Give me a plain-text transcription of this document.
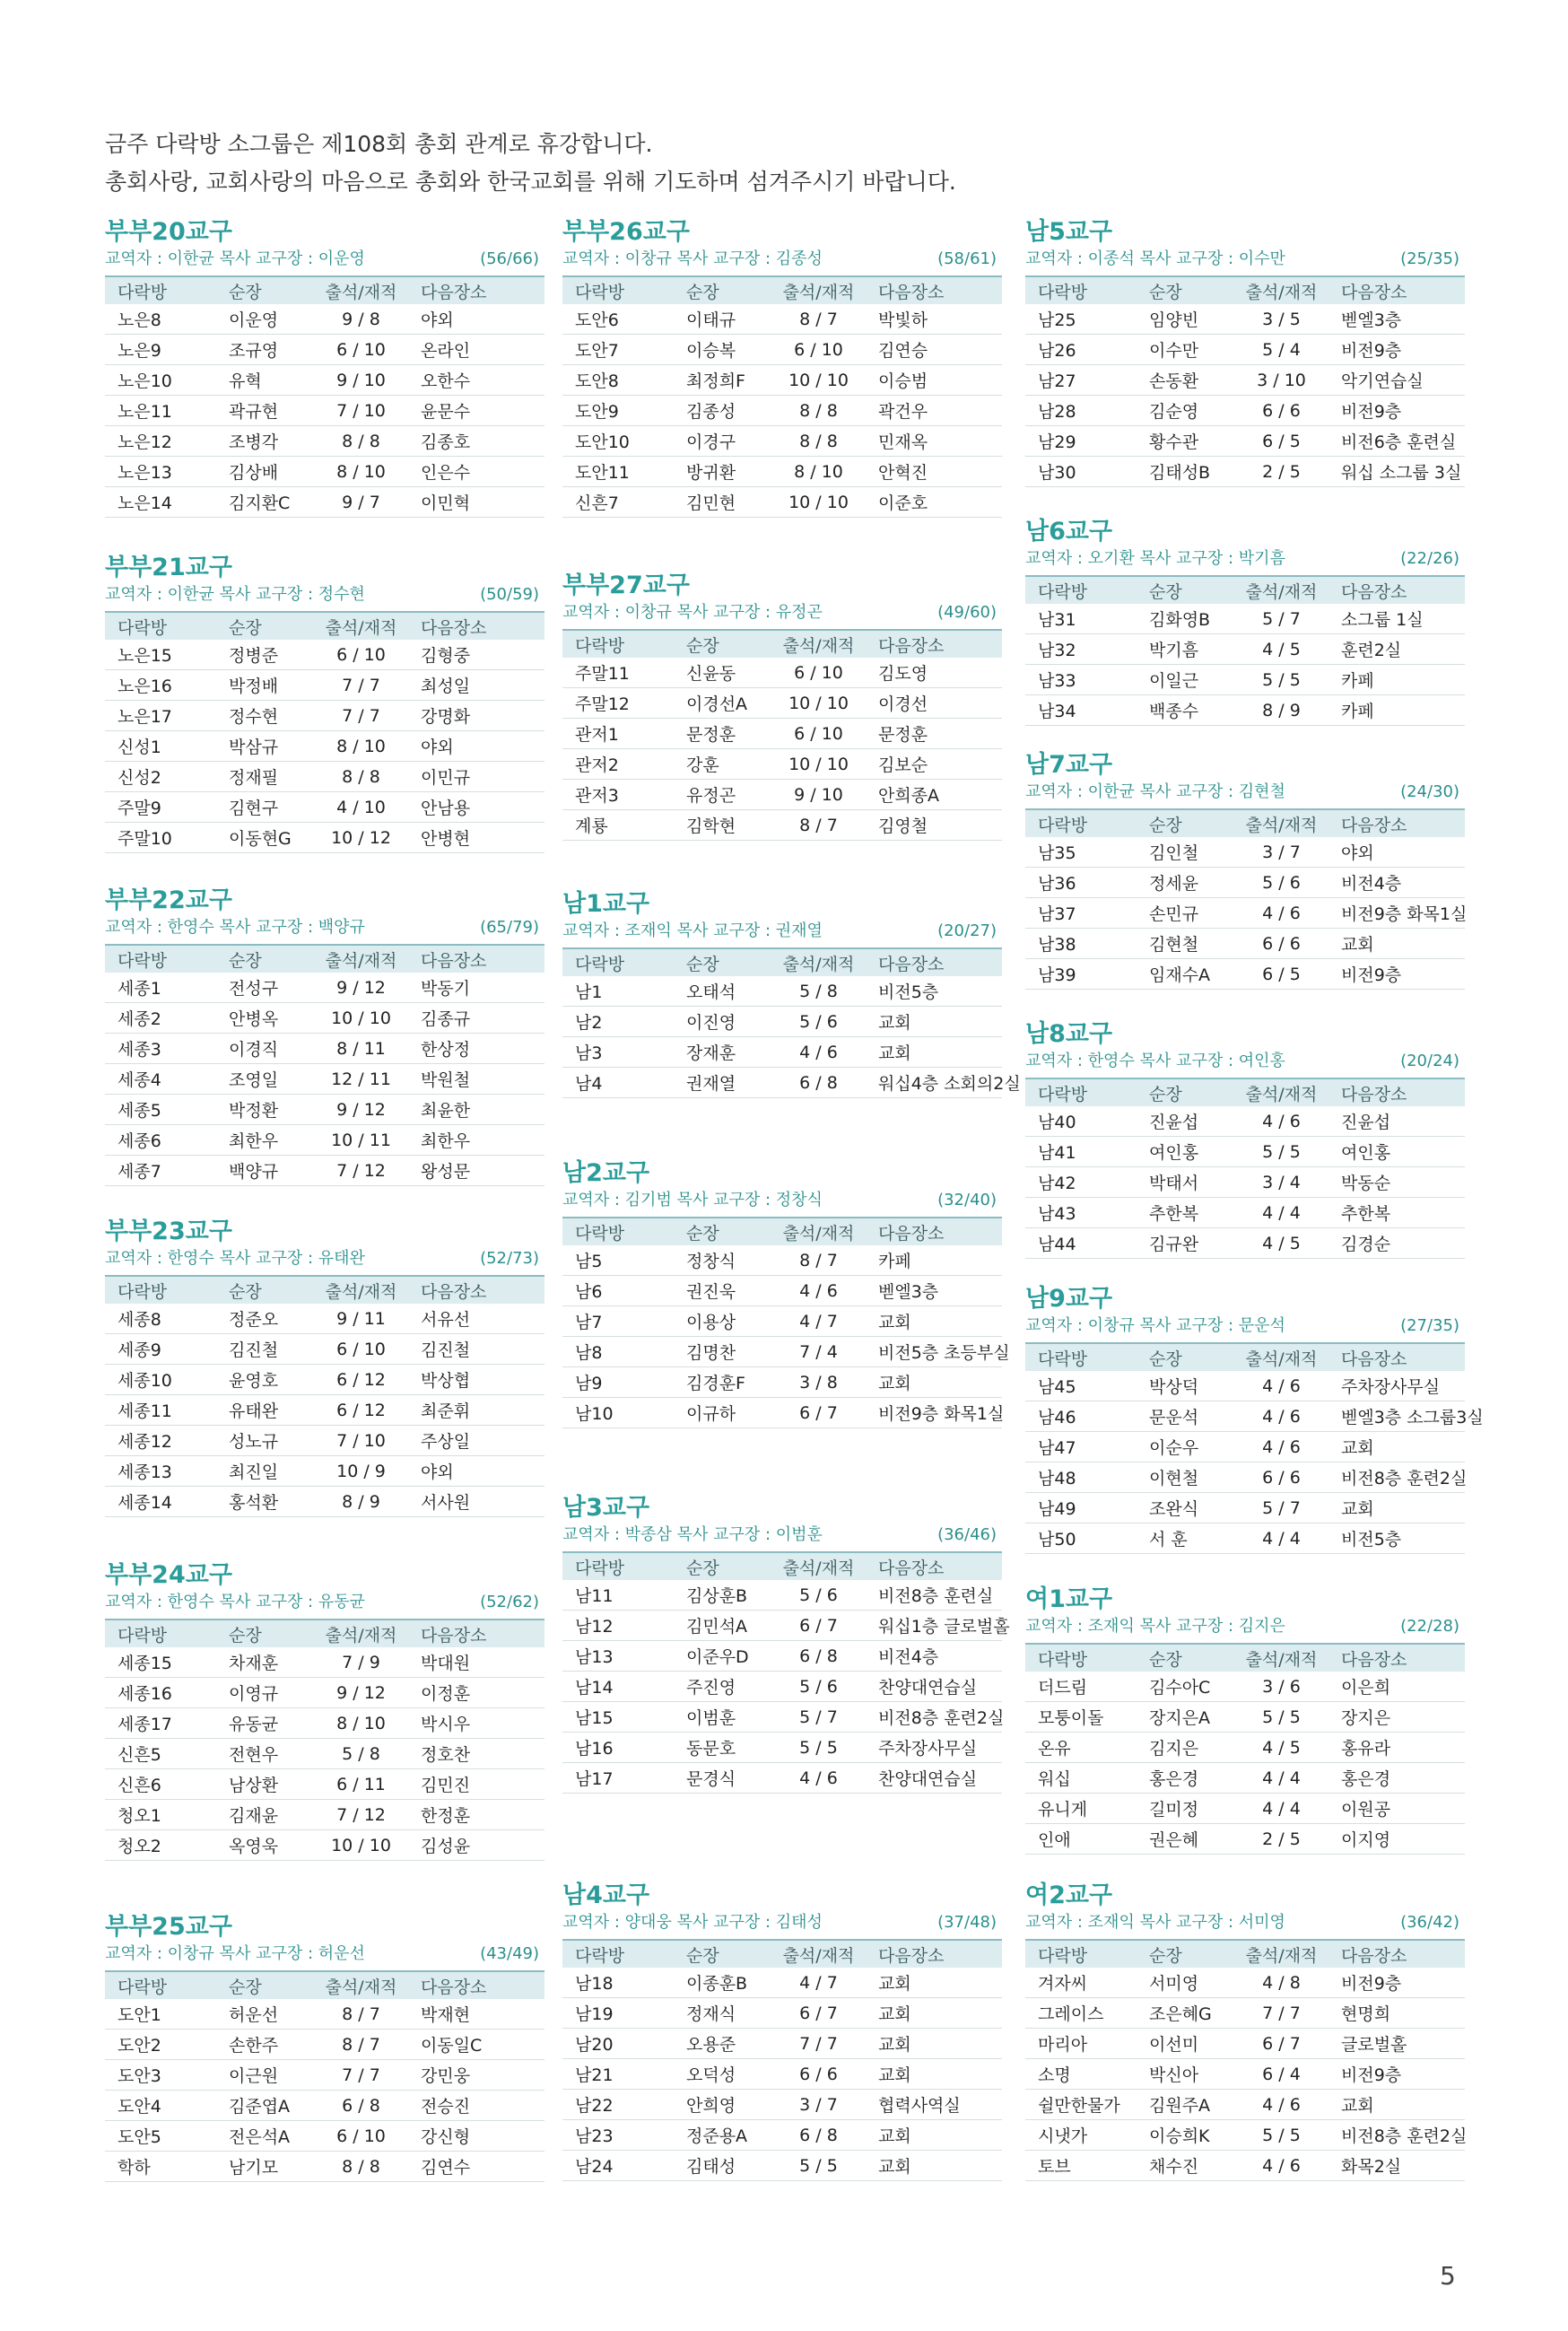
금주 다락방 소그룹은 제108회 총회 관계로 휴강합니다.
총회사랑, 교회사랑의 마음으로 총회와 한국교회를 위해 기도하며 섬겨주시기 바랍니다.
부부20교구
교역자 : 이한균 목사 교구장 : 이운영	(56/66)
다락방	순장	출석/재적	다음장소
노은8	이운영	9 / 8	야외
노은9	조규영	6 / 10	온라인
노은10	유혁	9 / 10	오한수
노은11	곽규현	7 / 10	윤문수
노은12	조병각	8 / 8	김종호
노은13	김상배	8 / 10	인은수
노은14	김지환C	9 / 7	이민혁
부부21교구
교역자 : 이한균 목사 교구장 : 정수현	(50/59)
다락방	순장	출석/재적	다음장소
노은15	정병준	6 / 10	김형중
노은16	박정배	7 / 7	최성일
노은17	정수현	7 / 7	강명화
신성1	박삼규	8 / 10	야외
신성2	정재필	8 / 8	이민규
주말9	김현구	4 / 10	안남용
주말10	이동현G	10 / 12	안병현
부부22교구
교역자 : 한영수 목사 교구장 : 백양규	(65/79)
다락방	순장	출석/재적	다음장소
세종1	전성구	9 / 12	박동기
세종2	안병옥	10 / 10	김종규
세종3	이경직	8 / 11	한상정
세종4	조영일	12 / 11	박원철
세종5	박정환	9 / 12	최윤한
세종6	최한우	10 / 11	최한우
세종7	백양규	7 / 12	왕성문
부부23교구
교역자 : 한영수 목사 교구장 : 유태완	(52/73)
다락방	순장	출석/재적	다음장소
세종8	정준오	9 / 11	서유선
세종9	김진철	6 / 10	김진철
세종10	윤영호	6 / 12	박상협
세종11	유태완	6 / 12	최준휘
세종12	성노규	7 / 10	주상일
세종13	최진일	10 / 9	야외
세종14	홍석환	8 / 9	서사원
부부24교구
교역자 : 한영수 목사 교구장 : 유동균	(52/62)
다락방	순장	출석/재적	다음장소
세종15	차재훈	7 / 9	박대원
세종16	이영규	9 / 12	이정훈
세종17	유동균	8 / 10	박시우
신흔5	전현우	5 / 8	정호찬
신흔6	남상환	6 / 11	김민진
청오1	김재윤	7 / 12	한정훈
청오2	옥영욱	10 / 10	김성윤
부부25교구
교역자 : 이창규 목사 교구장 : 허운선	(43/49)
다락방	순장	출석/재적	다음장소
도안1	허운선	8 / 7	박재현
도안2	손한주	8 / 7	이동일C
도안3	이근원	7 / 7	강민웅
도안4	김준엽A	6 / 8	전승진
도안5	전은석A	6 / 10	강신형
학하	남기모	8 / 8	김연수
부부26교구
교역자 : 이창규 목사 교구장 : 김종성	(58/61)
다락방	순장	출석/재적	다음장소
도안6	이태규	8 / 7	박빛하
도안7	이승복	6 / 10	김연승
도안8	최정희F	10 / 10	이승범
도안9	김종성	8 / 8	곽건우
도안10	이경구	8 / 8	민재옥
도안11	방귀환	8 / 10	안혁진
신흔7	김민현	10 / 10	이준호
부부27교구
교역자 : 이창규 목사 교구장 : 유정곤	(49/60)
다락방	순장	출석/재적	다음장소
주말11	신윤동	6 / 10	김도영
주말12	이경선A	10 / 10	이경선
관저1	문정훈	6 / 10	문정훈
관저2	강훈	10 / 10	김보순
관저3	유정곤	9 / 10	안희종A
계룡	김학현	8 / 7	김영철
남1교구
교역자 : 조재익 목사 교구장 : 권재열	(20/27)
다락방	순장	출석/재적	다음장소
남1	오태석	5 / 8	비전5층
남2	이진영	5 / 6	교회
남3	장재훈	4 / 6	교회
남4	권재열	6 / 8	워십4층 소회의2실
남2교구
교역자 : 김기범 목사 교구장 : 정창식	(32/40)
다락방	순장	출석/재적	다음장소
남5	정창식	8 / 7	카페
남6	권진욱	4 / 6	벧엘3층
남7	이용상	4 / 7	교회
남8	김명찬	7 / 4	비전5층 초등부실
남9	김경훈F	3 / 8	교회
남10	이규하	6 / 7	비전9층 화목1실
남3교구
교역자 : 박종삼 목사 교구장 : 이범훈	(36/46)
다락방	순장	출석/재적	다음장소
남11	김상훈B	5 / 6	비전8층 훈련실
남12	김민석A	6 / 7	워십1층 글로벌홀
남13	이준우D	6 / 8	비전4층
남14	주진영	5 / 6	찬양대연습실
남15	이범훈	5 / 7	비전8층 훈련2실
남16	동문호	5 / 5	주차장사무실
남17	문경식	4 / 6	찬양대연습실
남4교구
교역자 : 양대웅 목사 교구장 : 김태성	(37/48)
다락방	순장	출석/재적	다음장소
남18	이종훈B	4 / 7	교회
남19	정재식	6 / 7	교회
남20	오용준	7 / 7	교회
남21	오덕성	6 / 6	교회
남22	안희영	3 / 7	협력사역실
남23	정준용A	6 / 8	교회
남24	김태성	5 / 5	교회
남5교구
교역자 : 이종석 목사 교구장 : 이수만	(25/35)
다락방	순장	출석/재적	다음장소
남25	임양빈	3 / 5	벧엘3층
남26	이수만	5 / 4	비전9층
남27	손동환	3 / 10	악기연습실
남28	김순영	6 / 6	비전9층
남29	황수관	6 / 5	비전6층 훈련실
남30	김태성B	2 / 5	워십 소그룹 3실
남6교구
교역자 : 오기환 목사 교구장 : 박기흠	(22/26)
다락방	순장	출석/재적	다음장소
남31	김화영B	5 / 7	소그룹 1실
남32	박기흠	4 / 5	훈련2실
남33	이일근	5 / 5	카페
남34	백종수	8 / 9	카페
남7교구
교역자 : 이한균 목사 교구장 : 김현철	(24/30)
다락방	순장	출석/재적	다음장소
남35	김인철	3 / 7	야외
남36	정세윤	5 / 6	비전4층
남37	손민규	4 / 6	비전9층 화목1실
남38	김현철	6 / 6	교회
남39	임재수A	6 / 5	비전9층
남8교구
교역자 : 한영수 목사 교구장 : 여인홍	(20/24)
다락방	순장	출석/재적	다음장소
남40	진윤섭	4 / 6	진윤섭
남41	여인홍	5 / 5	여인홍
남42	박태서	3 / 4	박동순
남43	추한복	4 / 4	추한복
남44	김규완	4 / 5	김경순
남9교구
교역자 : 이창규 목사 교구장 : 문운석	(27/35)
다락방	순장	출석/재적	다음장소
남45	박상덕	4 / 6	주차장사무실
남46	문운석	4 / 6	벧엘3층 소그룹3실
남47	이순우	4 / 6	교회
남48	이현철	6 / 6	비전8층 훈련2실
남49	조완식	5 / 7	교회
남50	서 훈	4 / 4	비전5층
여1교구
교역자 : 조재익 목사 교구장 : 김지은	(22/28)
다락방	순장	출석/재적	다음장소
더드림	김수아C	3 / 6	이은희
모퉁이돌	장지은A	5 / 5	장지은
온유	김지은	4 / 5	홍유라
워십	홍은경	4 / 4	홍은경
유니게	길미정	4 / 4	이원공
인애	권은혜	2 / 5	이지영
여2교구
교역자 : 조재익 목사 교구장 : 서미영	(36/42)
다락방	순장	출석/재적	다음장소
겨자씨	서미영	4 / 8	비전9층
그레이스	조은혜G	7 / 7	현명희
마리아	이선미	6 / 7	글로벌홀
소명	박신아	6 / 4	비전9층
쉴만한물가	김원주A	4 / 6	교회
시냇가	이승희K	5 / 5	비전8층 훈련2실
토브	채수진	4 / 6	화목2실
5
